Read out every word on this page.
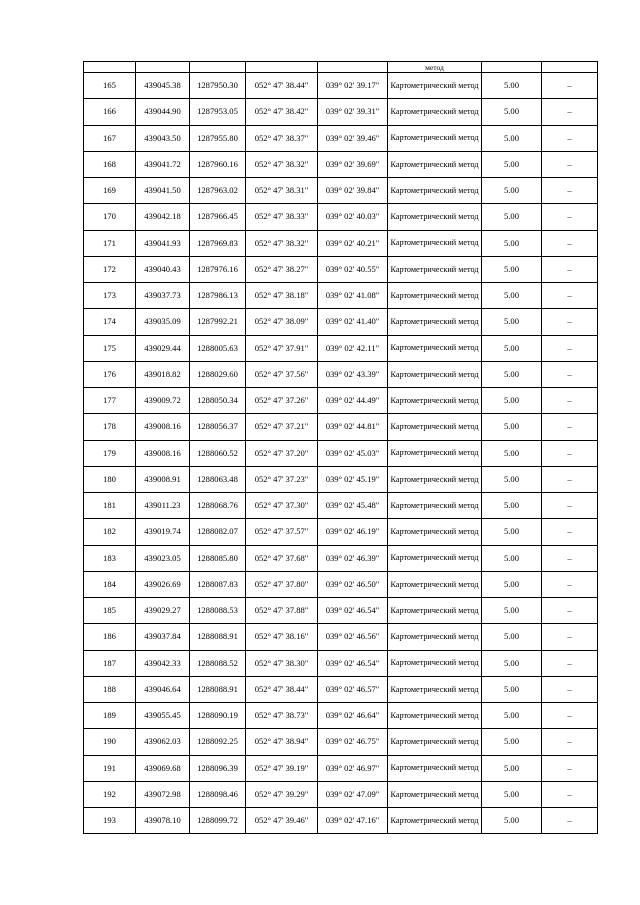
					метод		
165	439045.38	1287950.30	052° 47' 38.44"	039° 02' 39.17"	Картометрический метод	5.00	–
166	439044.90	1287953.05	052° 47' 38.42"	039° 02' 39.31"	Картометрический метод	5.00	–
167	439043.50	1287955.80	052° 47' 38.37"	039° 02' 39.46"	Картометрический метод	5.00	–
168	439041.72	1287960.16	052° 47' 38.32"	039° 02' 39.69"	Картометрический метод	5.00	–
169	439041.50	1287963.02	052° 47' 38.31"	039° 02' 39.84"	Картометрический метод	5.00	–
170	439042.18	1287966.45	052° 47' 38.33"	039° 02' 40.03"	Картометрический метод	5.00	–
171	439041.93	1287969.83	052° 47' 38.32"	039° 02' 40.21"	Картометрический метод	5.00	–
172	439040.43	1287976.16	052° 47' 38.27"	039° 02' 40.55"	Картометрический метод	5.00	–
173	439037.73	1287986.13	052° 47' 38.18"	039° 02' 41.08"	Картометрический метод	5.00	–
174	439035.09	1287992.21	052° 47' 38.09"	039° 02' 41.40"	Картометрический метод	5.00	–
175	439029.44	1288005.63	052° 47' 37.91"	039° 02' 42.11"	Картометрический метод	5.00	–
176	439018.82	1288029.60	052° 47' 37.56"	039° 02' 43.39"	Картометрический метод	5.00	–
177	439009.72	1288050.34	052° 47' 37.26"	039° 02' 44.49"	Картометрический метод	5.00	–
178	439008.16	1288056.37	052° 47' 37.21"	039° 02' 44.81"	Картометрический метод	5.00	–
179	439008.16	1288060.52	052° 47' 37.20"	039° 02' 45.03"	Картометрический метод	5.00	–
180	439008.91	1288063.48	052° 47' 37.23"	039° 02' 45.19"	Картометрический метод	5.00	–
181	439011.23	1288068.76	052° 47' 37.30"	039° 02' 45.48"	Картометрический метод	5.00	–
182	439019.74	1288082.07	052° 47' 37.57"	039° 02' 46.19"	Картометрический метод	5.00	–
183	439023.05	1288085.80	052° 47' 37.68"	039° 02' 46.39"	Картометрический метод	5.00	–
184	439026.69	1288087.83	052° 47' 37.80"	039° 02' 46.50"	Картометрический метод	5.00	–
185	439029.27	1288088.53	052° 47' 37.88"	039° 02' 46.54"	Картометрический метод	5.00	–
186	439037.84	1288088.91	052° 47' 38.16"	039° 02' 46.56"	Картометрический метод	5.00	–
187	439042.33	1288088.52	052° 47' 38.30"	039° 02' 46.54"	Картометрический метод	5.00	–
188	439046.64	1288088.91	052° 47' 38.44"	039° 02' 46.57"	Картометрический метод	5.00	–
189	439055.45	1288090.19	052° 47' 38.73"	039° 02' 46.64"	Картометрический метод	5.00	–
190	439062.03	1288092.25	052° 47' 38.94"	039° 02' 46.75"	Картометрический метод	5.00	–
191	439069.68	1288096.39	052° 47' 39.19"	039° 02' 46.97"	Картометрический метод	5.00	–
192	439072.98	1288098.46	052° 47' 39.29"	039° 02' 47.09"	Картометрический метод	5.00	–
193	439078.10	1288099.72	052° 47' 39.46"	039° 02' 47.16"	Картометрический метод	5.00	–
